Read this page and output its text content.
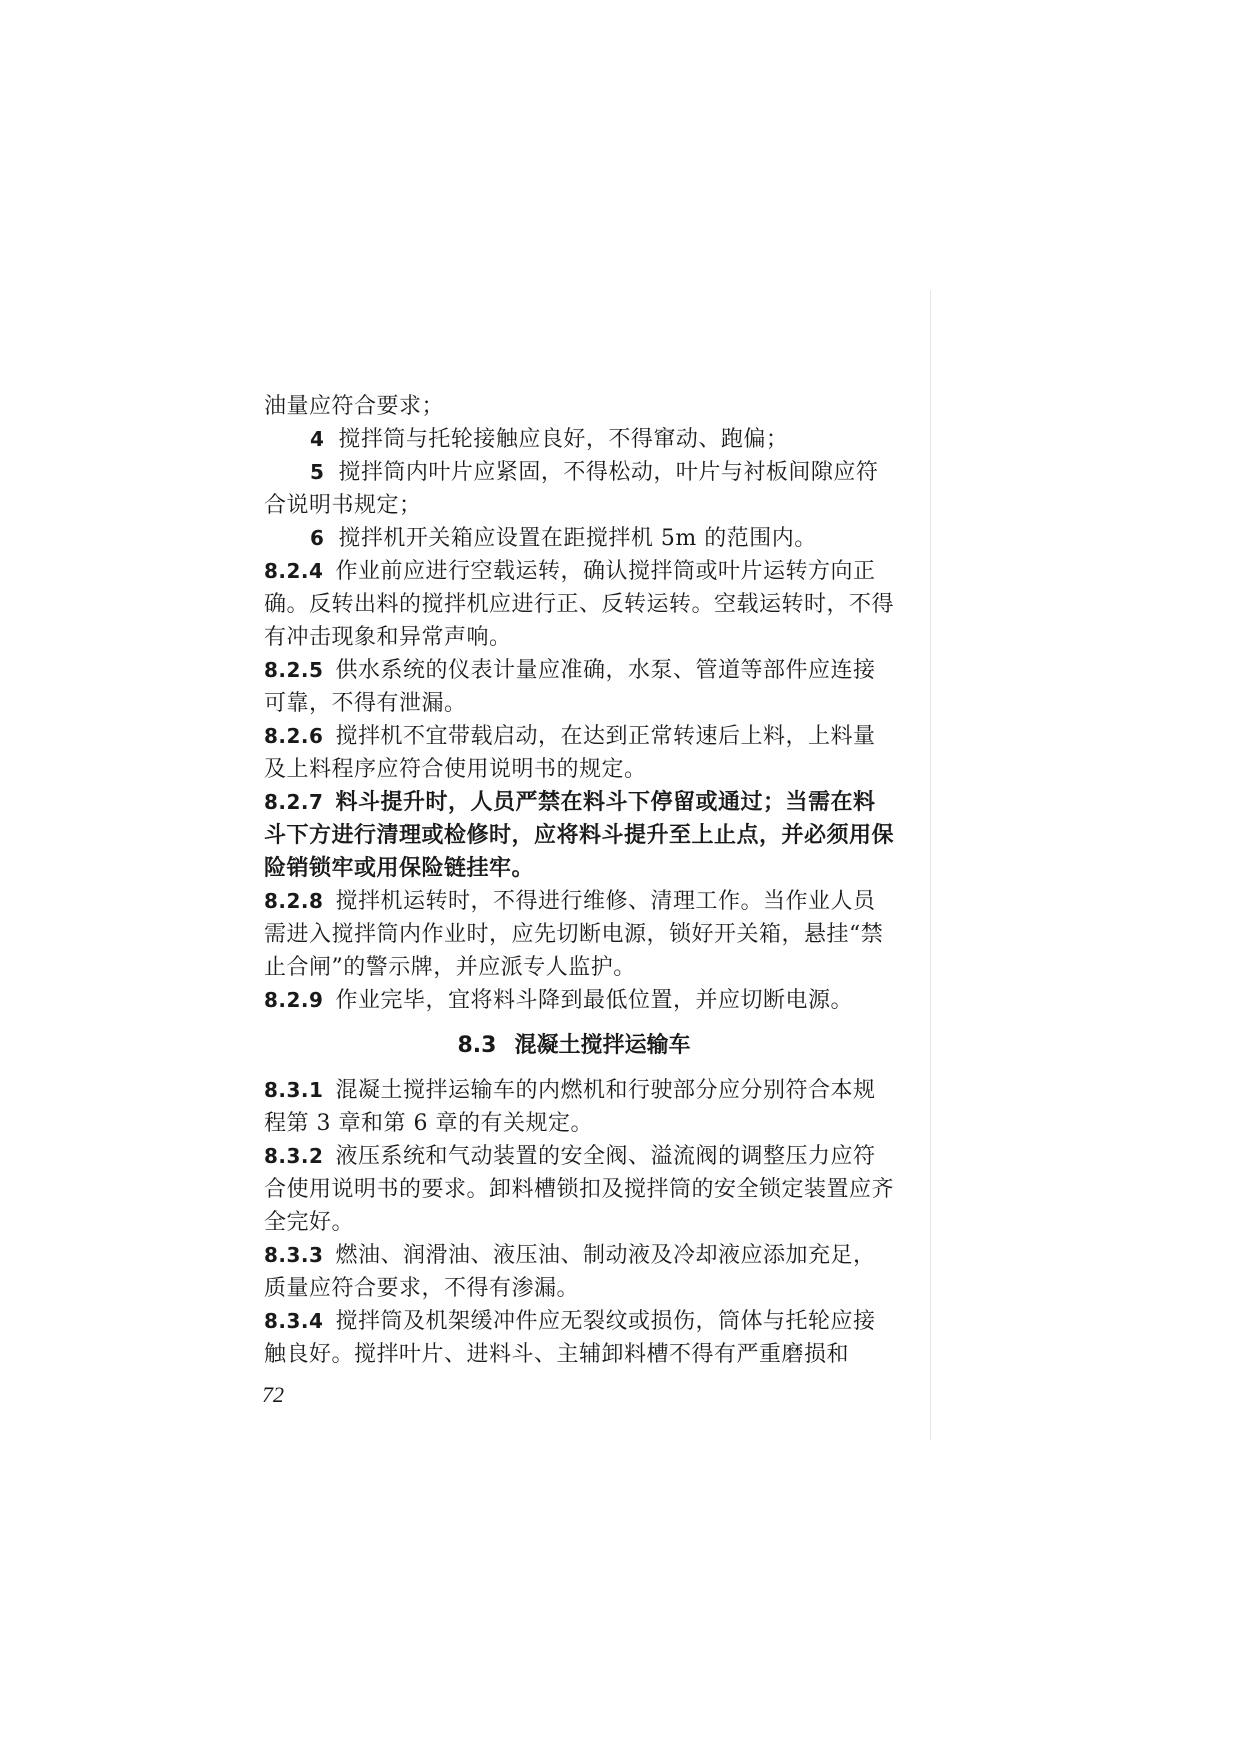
油量应符合要求；
4 搅拌筒与托轮接触应良好，不得窜动、跑偏；
5 搅拌筒内叶片应紧固，不得松动，叶片与衬板间隙应符
合说明书规定；
6 搅拌机开关箱应设置在距搅拌机 5m 的范围内。
8.2.4 作业前应进行空载运转，确认搅拌筒或叶片运转方向正
确。反转出料的搅拌机应进行正、反转运转。空载运转时，不得
有冲击现象和异常声响。
8.2.5 供水系统的仪表计量应准确，水泵、管道等部件应连接
可靠，不得有泄漏。
8.2.6 搅拌机不宜带载启动，在达到正常转速后上料，上料量
及上料程序应符合使用说明书的规定。
8.2.7 料斗提升时，人员严禁在料斗下停留或通过；当需在料
斗下方进行清理或检修时，应将料斗提升至上止点，并必须用保
险销锁牢或用保险链挂牢。
8.2.8 搅拌机运转时，不得进行维修、清理工作。当作业人员
需进入搅拌筒内作业时，应先切断电源，锁好开关箱，悬挂“禁
止合闸”的警示牌，并应派专人监护。
8.2.9 作业完毕，宜将料斗降到最低位置，并应切断电源。
8.3 混凝土搅拌运输车
8.3.1 混凝土搅拌运输车的内燃机和行驶部分应分别符合本规
程第 3 章和第 6 章的有关规定。
8.3.2 液压系统和气动装置的安全阀、溢流阀的调整压力应符
合使用说明书的要求。卸料槽锁扣及搅拌筒的安全锁定装置应齐
全完好。
8.3.3 燃油、润滑油、液压油、制动液及冷却液应添加充足，
质量应符合要求，不得有渗漏。
8.3.4 搅拌筒及机架缓冲件应无裂纹或损伤，筒体与托轮应接
触良好。搅拌叶片、进料斗、主辅卸料槽不得有严重磨损和
72
